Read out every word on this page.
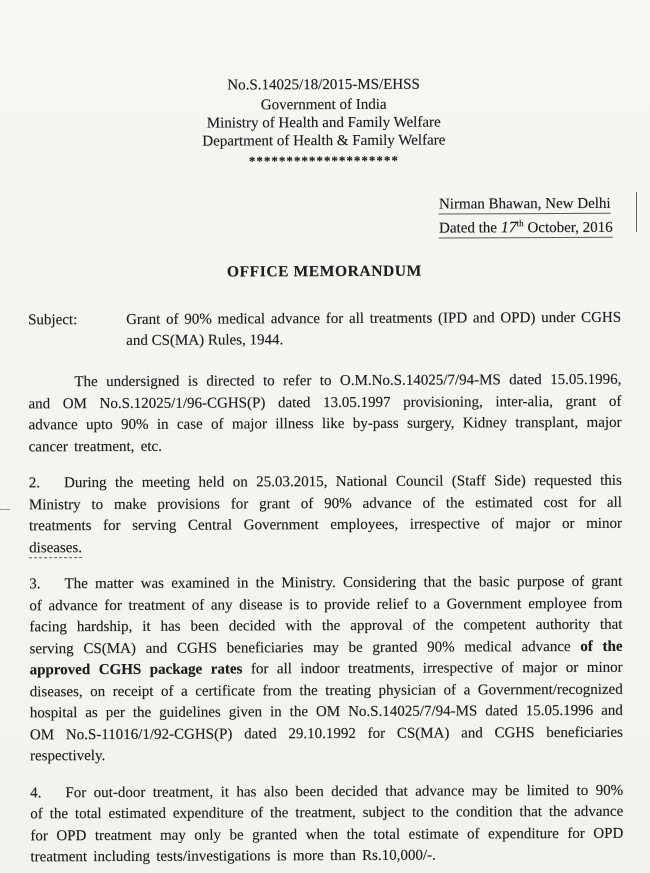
No.S.14025/18/2015-MS/EHSS
Government of India
Ministry of Health and Family Welfare
Department of Health & Family Welfare
********************
Nirman Bhawan, New Delhi
Dated the 17th October, 2016
OFFICE MEMORANDUM
Subject:	Grant of 90% medical advance for all treatments (IPD and OPD) under CGHS and CS(MA) Rules, 1944.

The undersigned is directed to refer to O.M.No.S.14025/7/94-MS dated 15.05.1996, and OM No.S.12025/1/96-CGHS(P) dated 13.05.1997 provisioning, inter-alia, grant of advance upto 90% in case of major illness like by-pass surgery, Kidney transplant, major cancer treatment, etc.

2. During the meeting held on 25.03.2015, National Council (Staff Side) requested this Ministry to make provisions for grant of 90% advance of the estimated cost for all treatments for serving Central Government employees, irrespective of major or minor diseases.

3. The matter was examined in the Ministry. Considering that the basic purpose of grant of advance for treatment of any disease is to provide relief to a Government employee from facing hardship, it has been decided with the approval of the competent authority that serving CS(MA) and CGHS beneficiaries may be granted 90% medical advance of the approved CGHS package rates for all indoor treatments, irrespective of major or minor diseases, on receipt of a certificate from the treating physician of a Government/recognized hospital as per the guidelines given in the OM No.S.14025/7/94-MS dated 15.05.1996 and OM No.S-11016/1/92-CGHS(P) dated 29.10.1992 for CS(MA) and CGHS beneficiaries respectively.

4. For out-door treatment, it has also been decided that advance may be limited to 90% of the total estimated expenditure of the treatment, subject to the condition that the advance for OPD treatment may only be granted when the total estimate of expenditure for OPD treatment including tests/investigations is more than Rs.10,000/-.
